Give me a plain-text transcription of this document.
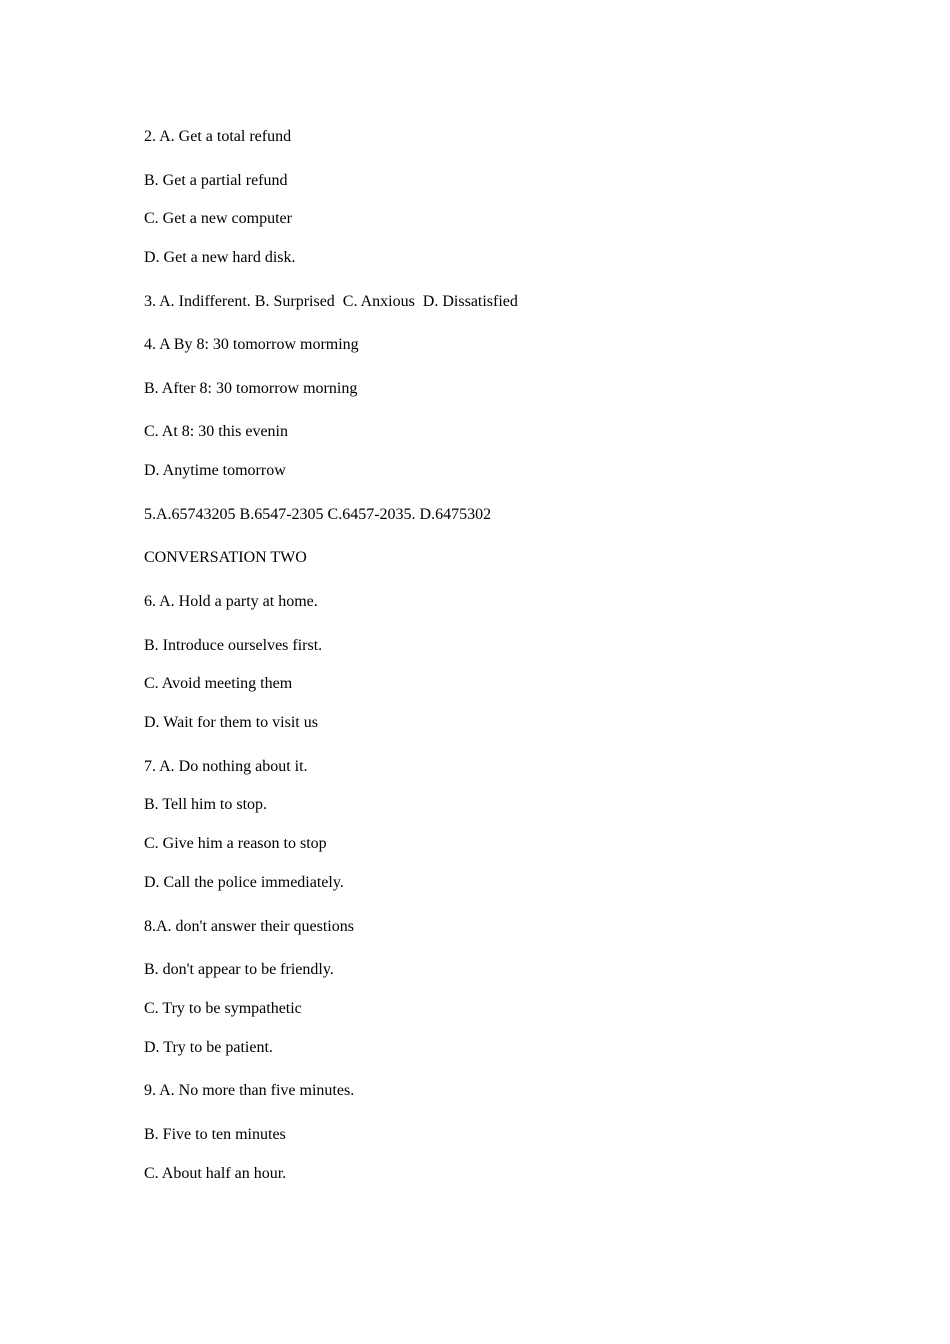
2. A. Get a total refund
B. Get a partial refund
C. Get a new computer
D. Get a new hard disk.
3. A. Indifferent. B. Surprised  C. Anxious  D. Dissatisfied
4. A By 8: 30 tomorrow morming
B. After 8: 30 tomorrow morning
C. At 8: 30 this evenin
D. Anytime tomorrow
5.A.65743205 B.6547-2305 C.6457-2035. D.6475302
CONVERSATION TWO
6. A. Hold a party at home.
B. Introduce ourselves first.
C. Avoid meeting them
D. Wait for them to visit us
7. A. Do nothing about it.
B. Tell him to stop.
C. Give him a reason to stop
D. Call the police immediately.
8.A. don't answer their questions
B. don't appear to be friendly.
C. Try to be sympathetic
D. Try to be patient.
9. A. No more than five minutes.
B. Five to ten minutes
C. About half an hour.
